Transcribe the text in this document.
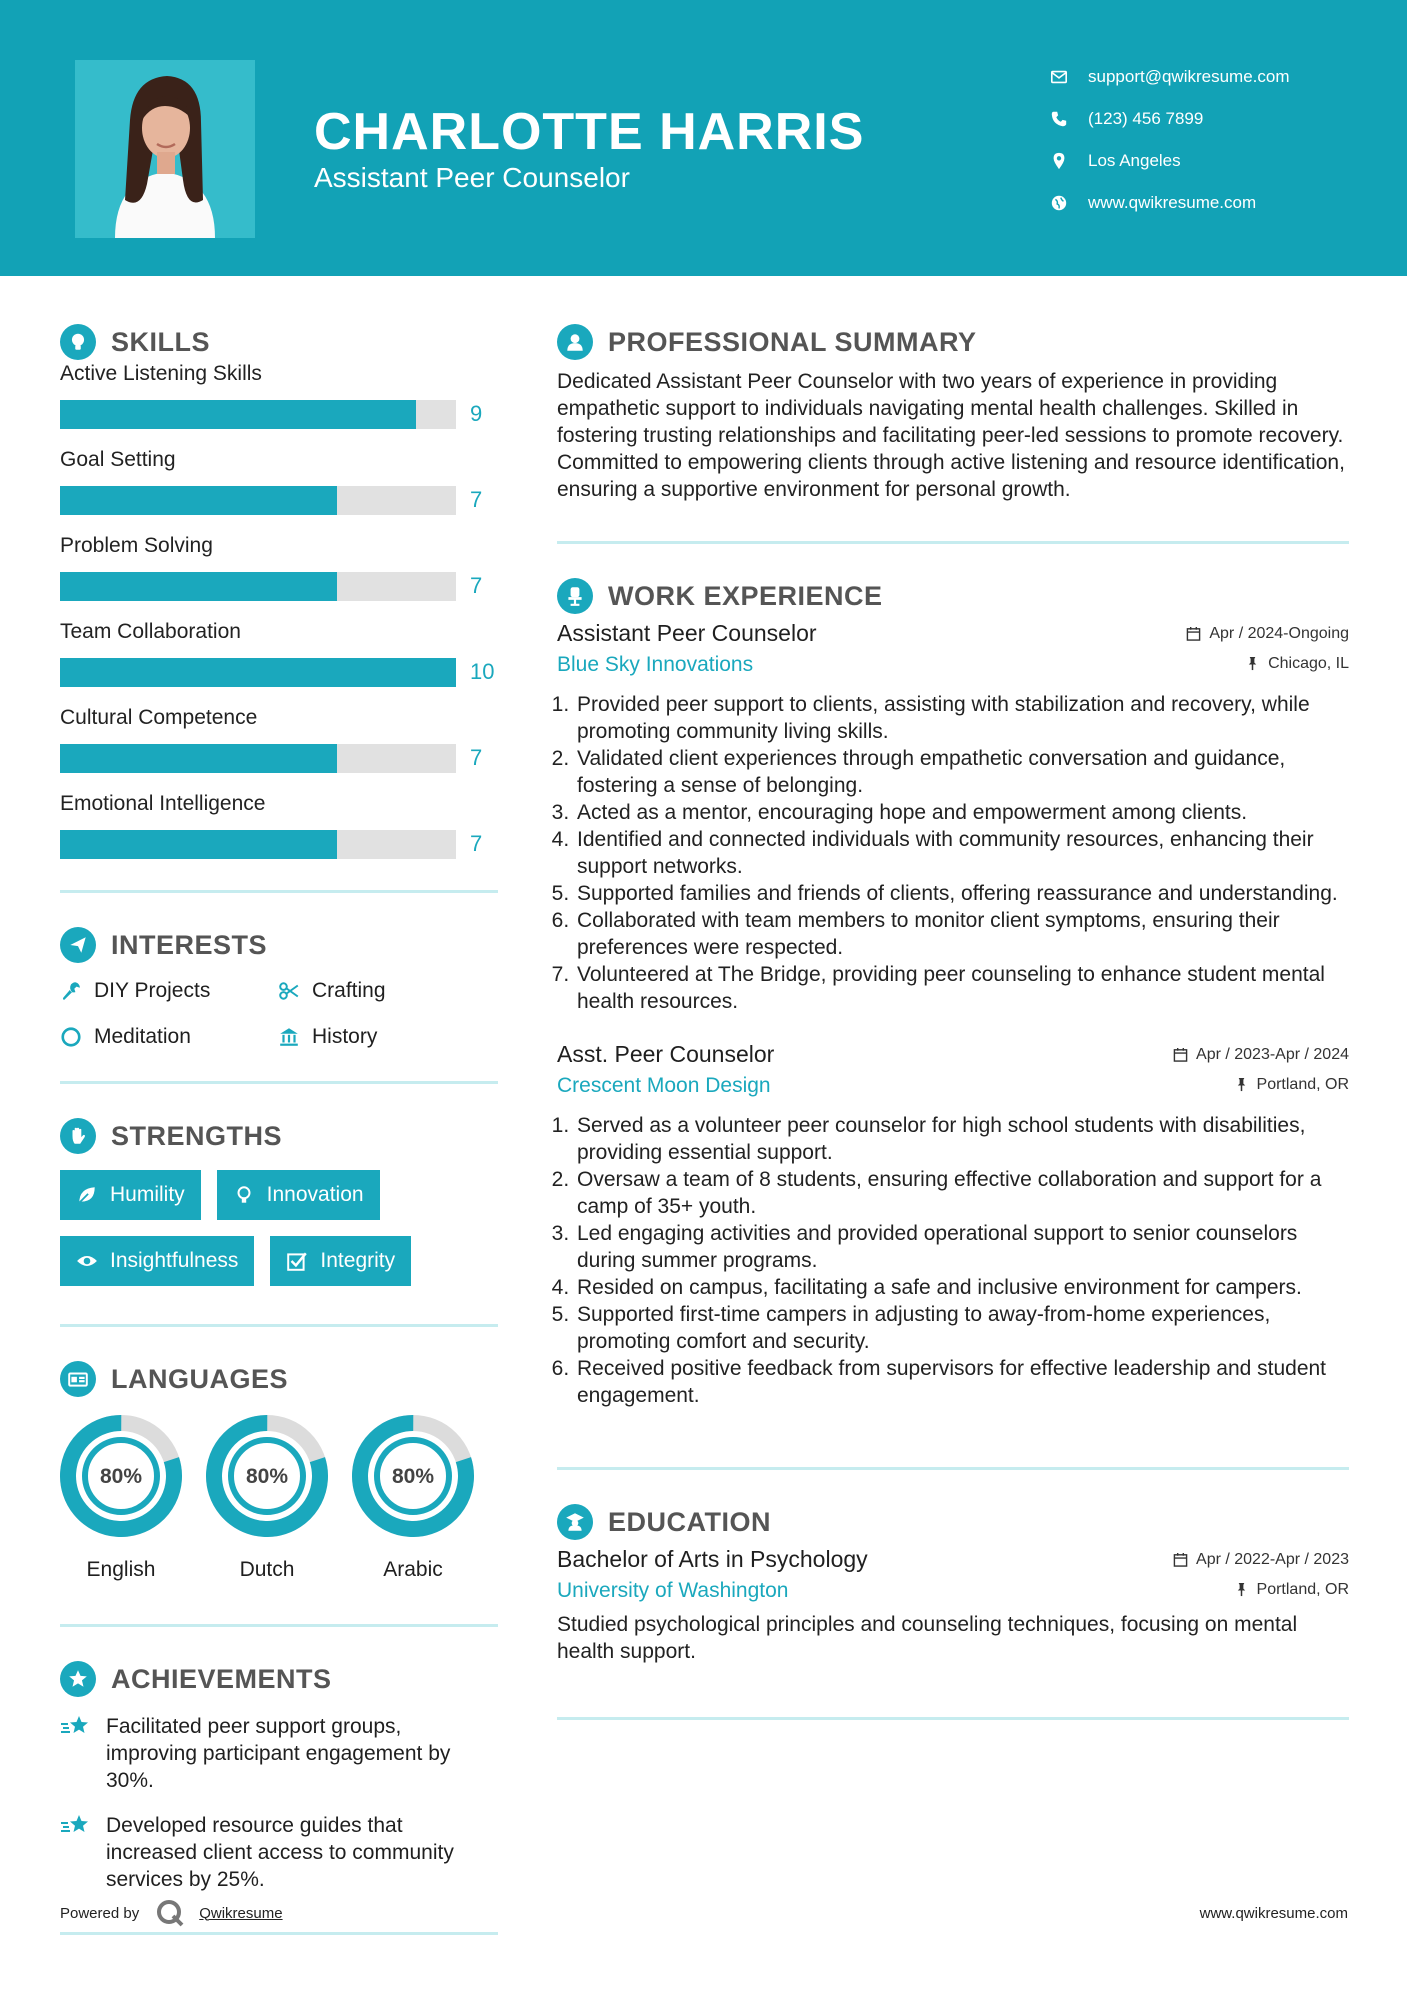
CHARLOTTE HARRIS
Assistant Peer Counselor
support@qwikresume.com
(123) 456 7899
Los Angeles
www.qwikresume.com
SKILLS
Active Listening Skills
9
Goal Setting
7
Problem Solving
7
Team Collaboration
10
Cultural Competence
7
Emotional Intelligence
7
INTERESTS
DIY Projects	Crafting
Meditation	History
STRENGTHS
Humility	Innovation
Insightfulness	Integrity
LANGUAGES
80%
English
80%
Dutch
80%
Arabic
ACHIEVEMENTS
Facilitated peer support groups, improving participant engagement by 30%.
Developed resource guides that increased client access to community services by 25%.
PROFESSIONAL SUMMARY
Dedicated Assistant Peer Counselor with two years of experience in providing empathetic support to individuals navigating mental health challenges. Skilled in fostering trusting relationships and facilitating peer-led sessions to promote recovery. Committed to empowering clients through active listening and resource identification, ensuring a supportive environment for personal growth.
WORK EXPERIENCE
Assistant Peer Counselor	Apr / 2024-Ongoing
Blue Sky Innovations	Chicago, IL
1. Provided peer support to clients, assisting with stabilization and recovery, while promoting community living skills.
2. Validated client experiences through empathetic conversation and guidance, fostering a sense of belonging.
3. Acted as a mentor, encouraging hope and empowerment among clients.
4. Identified and connected individuals with community resources, enhancing their support networks.
5. Supported families and friends of clients, offering reassurance and understanding.
6. Collaborated with team members to monitor client symptoms, ensuring their preferences were respected.
7. Volunteered at The Bridge, providing peer counseling to enhance student mental health resources.
Asst. Peer Counselor	Apr / 2023-Apr / 2024
Crescent Moon Design	Portland, OR
1. Served as a volunteer peer counselor for high school students with disabilities, providing essential support.
2. Oversaw a team of 8 students, ensuring effective collaboration and support for a camp of 35+ youth.
3. Led engaging activities and provided operational support to senior counselors during summer programs.
4. Resided on campus, facilitating a safe and inclusive environment for campers.
5. Supported first-time campers in adjusting to away-from-home experiences, promoting comfort and security.
6. Received positive feedback from supervisors for effective leadership and student engagement.
EDUCATION
Bachelor of Arts in Psychology	Apr / 2022-Apr / 2023
University of Washington	Portland, OR
Studied psychological principles and counseling techniques, focusing on mental health support.
Powered by	Qwikresume	www.qwikresume.com
